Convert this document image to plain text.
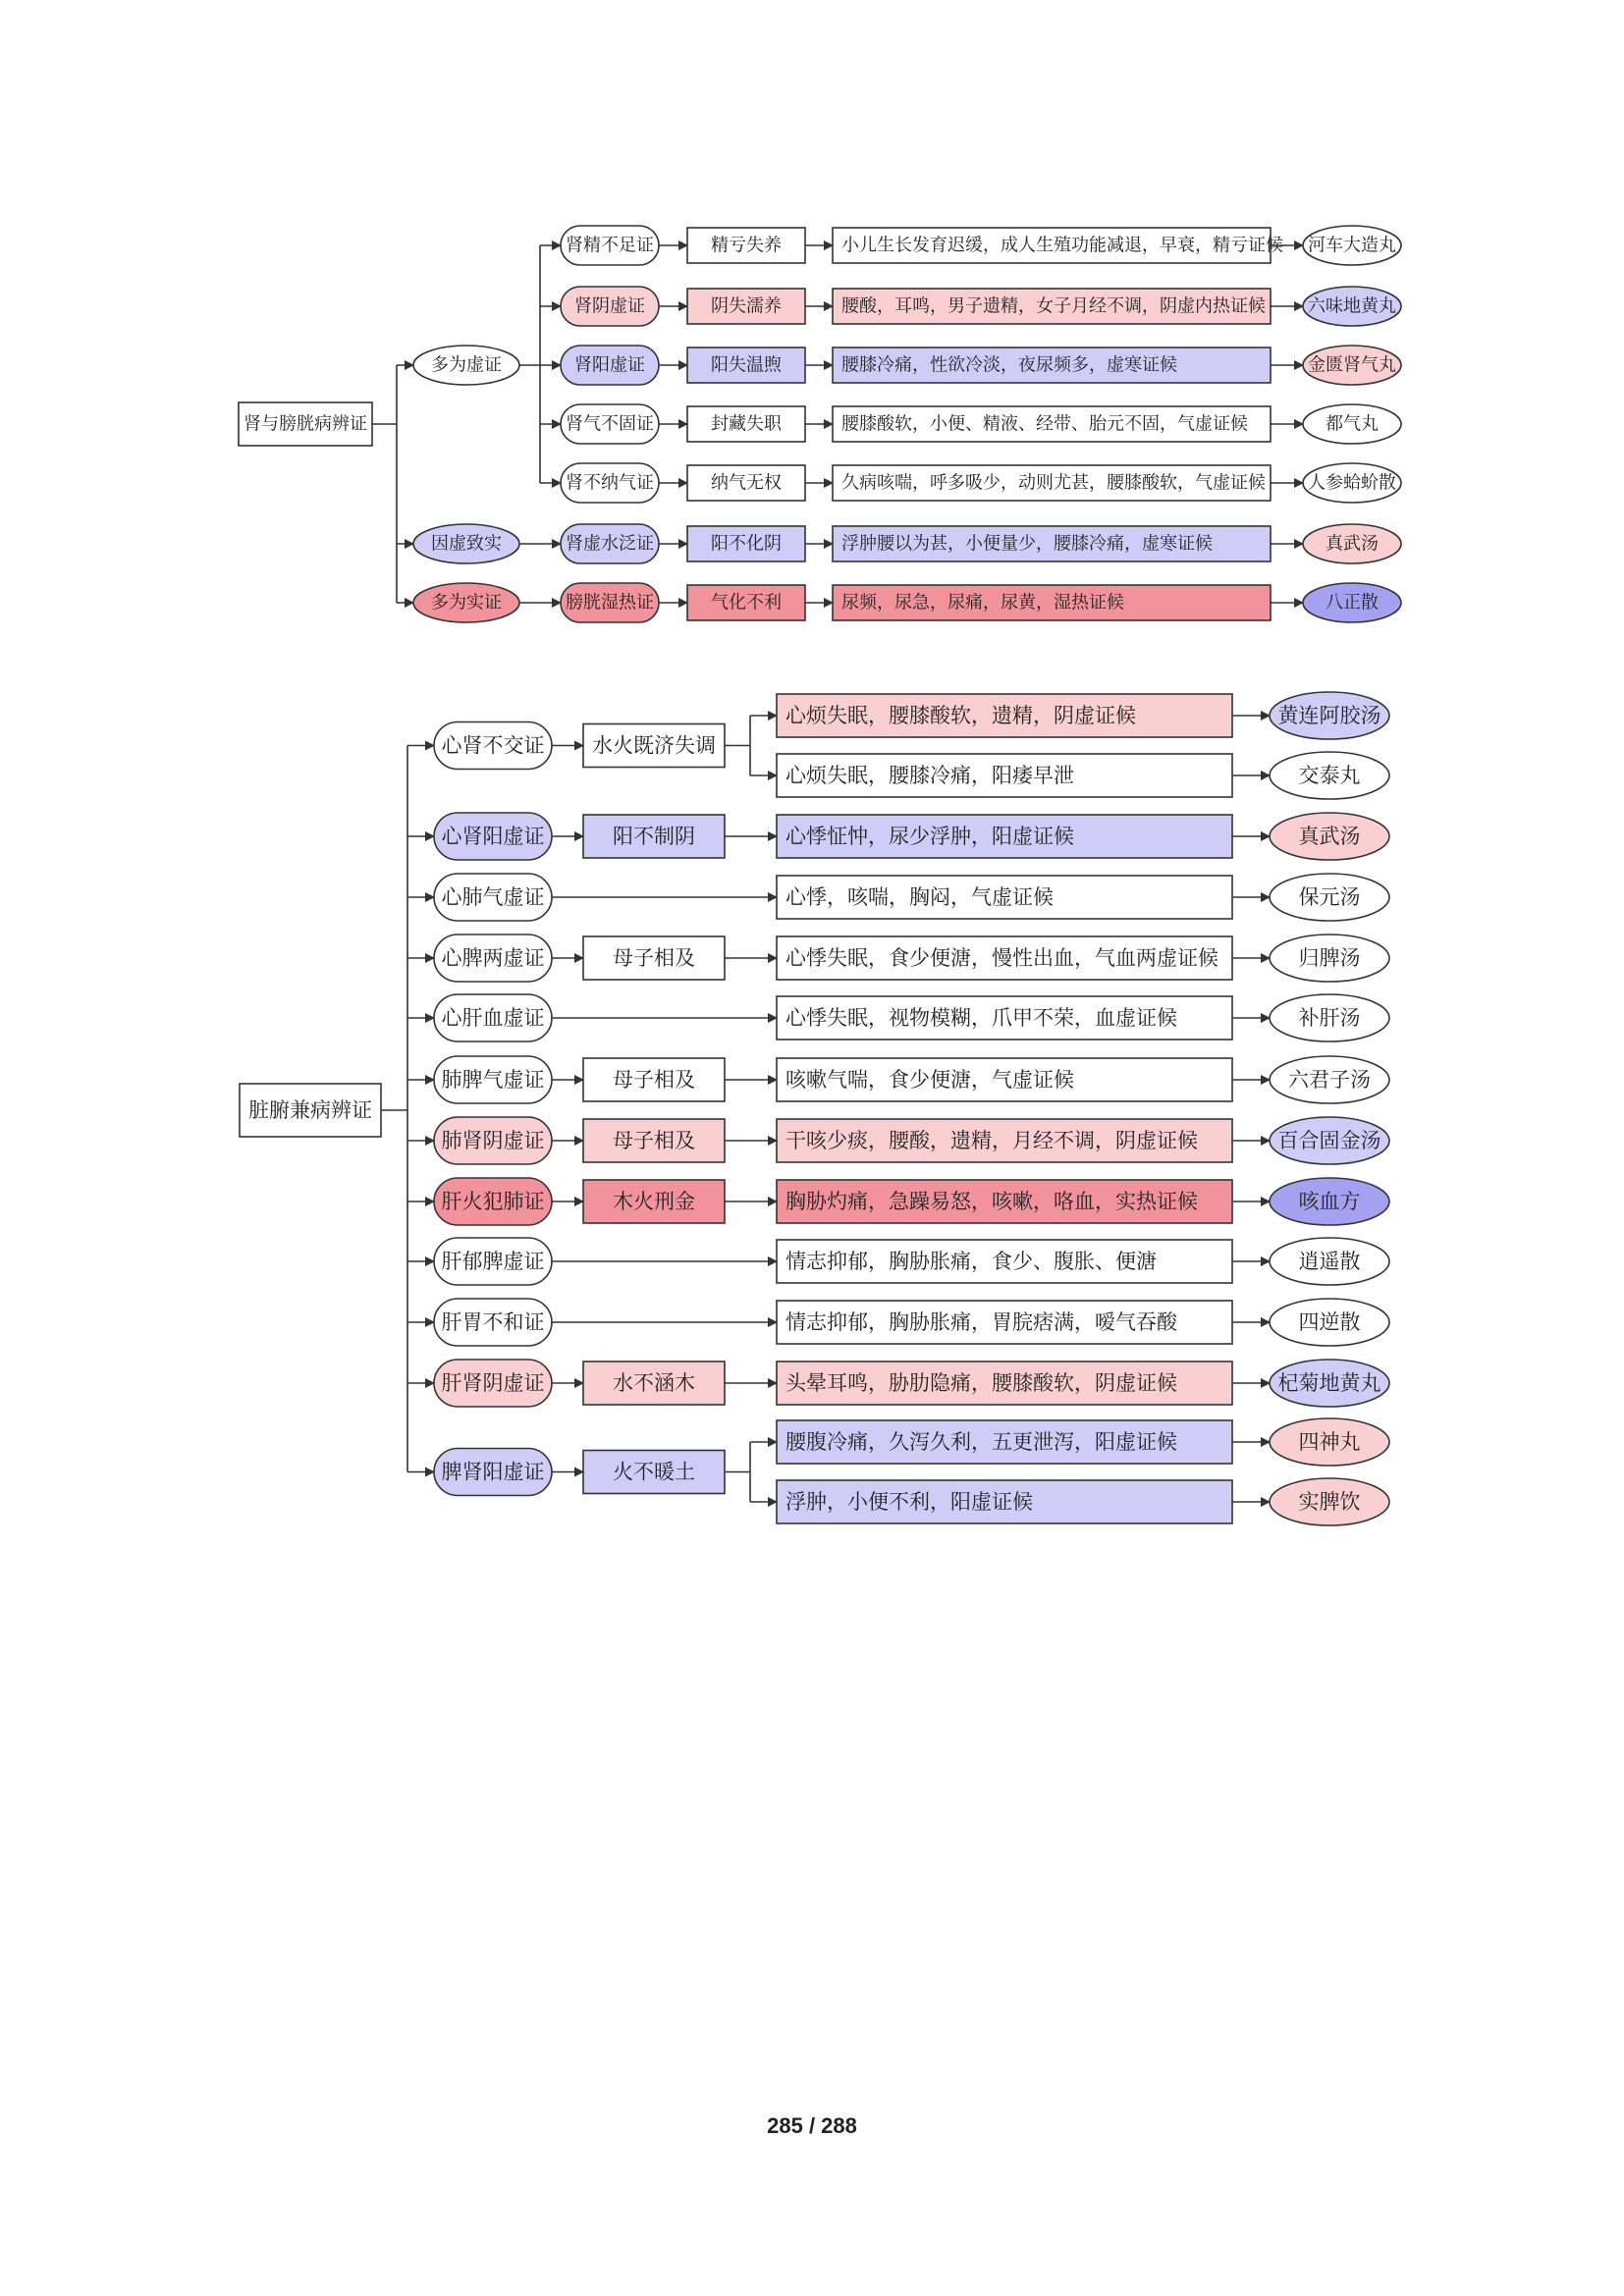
肾与膀胱病辨证
多为虚证
肾精不足证	精亏失养	小儿生长发育迟缓，成人生殖功能减退，早衰，精亏证候 河车大造丸
肾阴虚证	阴失濡养	腰酸，耳鸣，男子遗精，女子月经不调，阴虚内热证候 六味地黄丸
肾阳虚证	阳失温煦	腰膝冷痛，性欲冷淡，夜尿频多，虚寒证候	金匮肾气丸
肾气不固证	封藏失职	腰膝酸软，小便、精液、经带、胎元不固，气虚证候	都气丸
肾不纳气证	纳气无权	久病咳喘，呼多吸少，动则尤甚，腰膝酸软，气虚证候 人参蛤蚧散
因虚致实	肾虚水泛证	阳不化阴	浮肿腰以为甚，小便量少，腰膝冷痛，虚寒证候	真武汤
多为实证	膀胱湿热证	气化不利	尿频，尿急，尿痛，尿黄，湿热证候	八正散
脏腑兼病辨证
心肾不交证 水火既济失调
心烦失眠，腰膝酸软，遗精，阴虚证候	黄连阿胶汤
心烦失眠，腰膝冷痛，阳痿早泄	交泰丸
心肾阳虚证	阳不制阴	心悸怔忡，尿少浮肿，阳虚证候	真武汤
心肺气虚证	心悸，咳喘，胸闷，气虚证候	保元汤
心脾两虚证	母子相及	心悸失眠，食少便溏，慢性出血，气血两虚证候	归脾汤
心肝血虚证	心悸失眠，视物模糊，爪甲不荣，血虚证候	补肝汤
肺脾气虚证	母子相及	咳嗽气喘，食少便溏，气虚证候	六君子汤
肺肾阴虚证	母子相及	干咳少痰，腰酸，遗精，月经不调，阴虚证候	百合固金汤
肝火犯肺证	木火刑金	胸胁灼痛，急躁易怒，咳嗽，咯血，实热证候	咳血方
肝郁脾虚证	情志抑郁，胸胁胀痛，食少、腹胀、便溏	逍遥散
肝胃不和证	情志抑郁，胸胁胀痛，胃脘痞满，嗳气吞酸	四逆散
肝肾阴虚证	水不涵木	头晕耳鸣，胁肋隐痛，腰膝酸软，阴虚证候	杞菊地黄丸
脾肾阳虚证	火不暖土
腰腹冷痛，久泻久利，五更泄泻，阳虚证候	四神丸
浮肿，小便不利，阳虚证候	实脾饮
285 / 288
